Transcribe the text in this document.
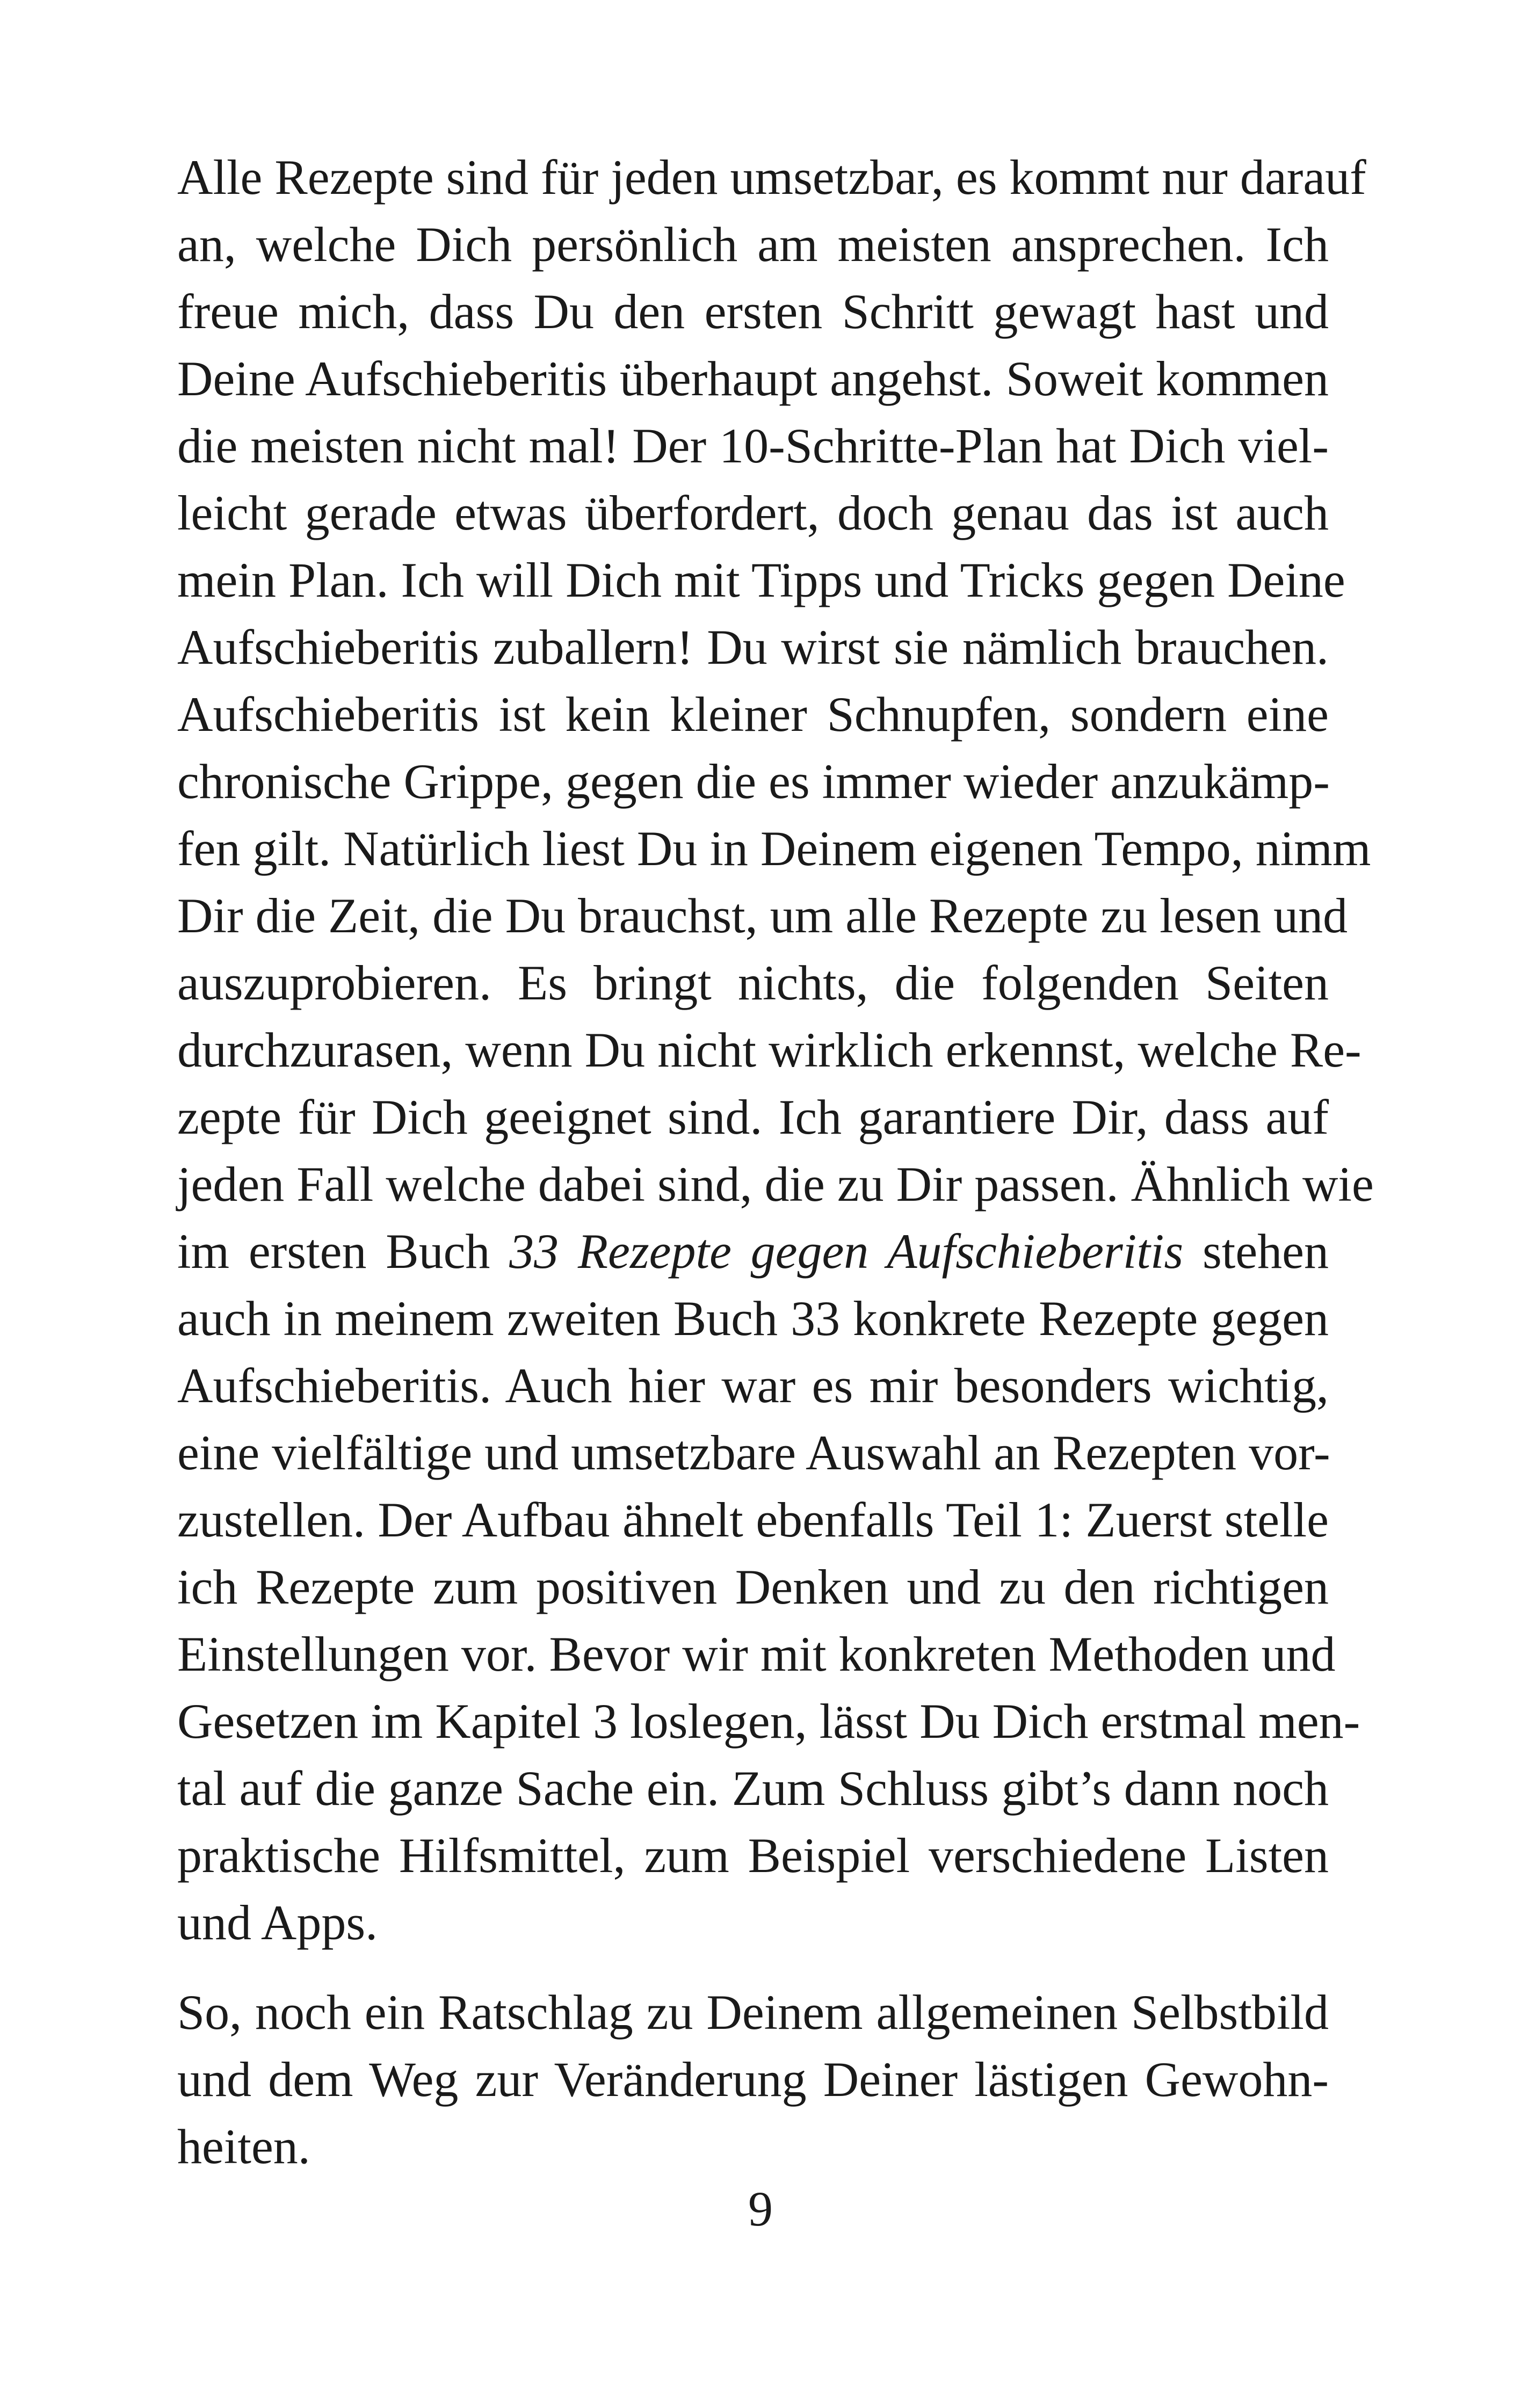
Alle Rezepte sind für jeden umsetzbar, es kommt nur darauf
an, welche Dich persönlich am meisten ansprechen. Ich
freue mich, dass Du den ersten Schritt gewagt hast und
Deine Aufschieberitis überhaupt angehst. Soweit kommen
die meisten nicht mal! Der 10-Schritte-Plan hat Dich viel-
leicht gerade etwas überfordert, doch genau das ist auch
mein Plan. Ich will Dich mit Tipps und Tricks gegen Deine
Aufschieberitis zuballern! Du wirst sie nämlich brauchen.
Aufschieberitis ist kein kleiner Schnupfen, sondern eine
chronische Grippe, gegen die es immer wieder anzukämp-
fen gilt. Natürlich liest Du in Deinem eigenen Tempo, nimm
Dir die Zeit, die Du brauchst, um alle Rezepte zu lesen und
auszuprobieren. Es bringt nichts, die folgenden Seiten
durchzurasen, wenn Du nicht wirklich erkennst, welche Re-
zepte für Dich geeignet sind. Ich garantiere Dir, dass auf
jeden Fall welche dabei sind, die zu Dir passen. Ähnlich wie
im ersten Buch 33 Rezepte gegen Aufschieberitis stehen
auch in meinem zweiten Buch 33 konkrete Rezepte gegen
Aufschieberitis. Auch hier war es mir besonders wichtig,
eine vielfältige und umsetzbare Auswahl an Rezepten vor-
zustellen. Der Aufbau ähnelt ebenfalls Teil 1: Zuerst stelle
ich Rezepte zum positiven Denken und zu den richtigen
Einstellungen vor. Bevor wir mit konkreten Methoden und
Gesetzen im Kapitel 3 loslegen, lässt Du Dich erstmal men-
tal auf die ganze Sache ein. Zum Schluss gibt’s dann noch
praktische Hilfsmittel, zum Beispiel verschiedene Listen
und Apps.
So, noch ein Ratschlag zu Deinem allgemeinen Selbstbild
und dem Weg zur Veränderung Deiner lästigen Gewohn-
heiten.
9
